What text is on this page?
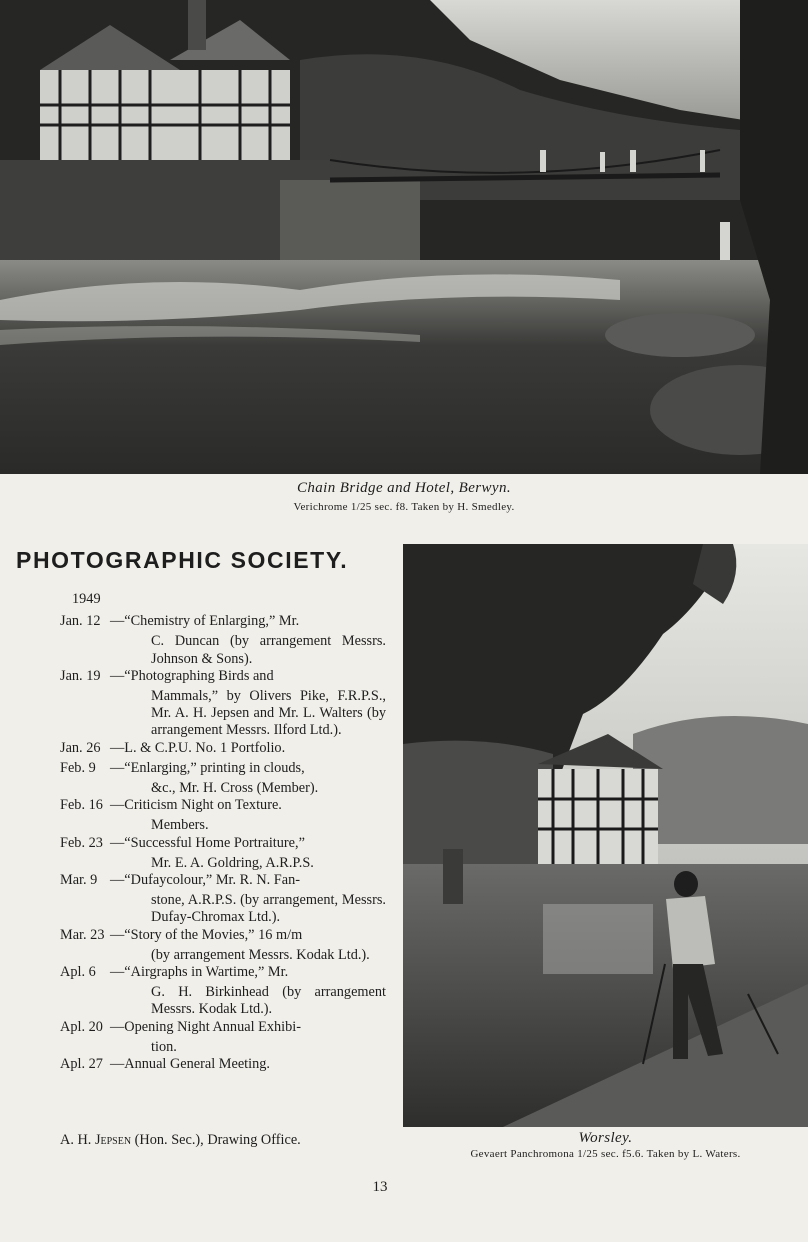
Chain Bridge and Hotel, Berwyn.
Verichrome 1/25 sec. f8. Taken by H. Smedley.
PHOTOGRAPHIC SOCIETY.
1949
Jan. 12 — “Chemistry of Enlarging,” Mr.
C. Duncan (by arrangement Messrs. Johnson & Sons).
Jan. 19 — “Photographing Birds and
Mammals,” by Olivers Pike, F.R.P.S., Mr. A. H. Jepsen and Mr. L. Walters (by arrangement Messrs. Ilford Ltd.).
Jan. 26 — L. & C.P.U. No. 1 Portfolio.
Feb. 9 — “Enlarging,” printing in clouds,
&c., Mr. H. Cross (Member).
Feb. 16 — Criticism Night on Texture.
Members.
Feb. 23 — “Successful Home Portraiture,”
Mr. E. A. Goldring, A.R.P.S.
Mar. 9 — “Dufaycolour,” Mr. R. N. Fan-
stone, A.R.P.S. (by arrangement, Messrs. Dufay-Chromax Ltd.).
Mar. 23 — “Story of the Movies,” 16 m/m
(by arrangement Messrs. Kodak Ltd.).
Apl. 6 — “Airgraphs in Wartime,” Mr.
G. H. Birkinhead (by arrangement Messrs. Kodak Ltd.).
Apl. 20 — Opening Night Annual Exhibi-
tion.
Apl. 27 — Annual General Meeting.
A. H. Jepsen (Hon. Sec.), Drawing Office.	Worsley.
Gevaert Panchromona 1/25 sec. f5.6. Taken by L. Waters.
13
